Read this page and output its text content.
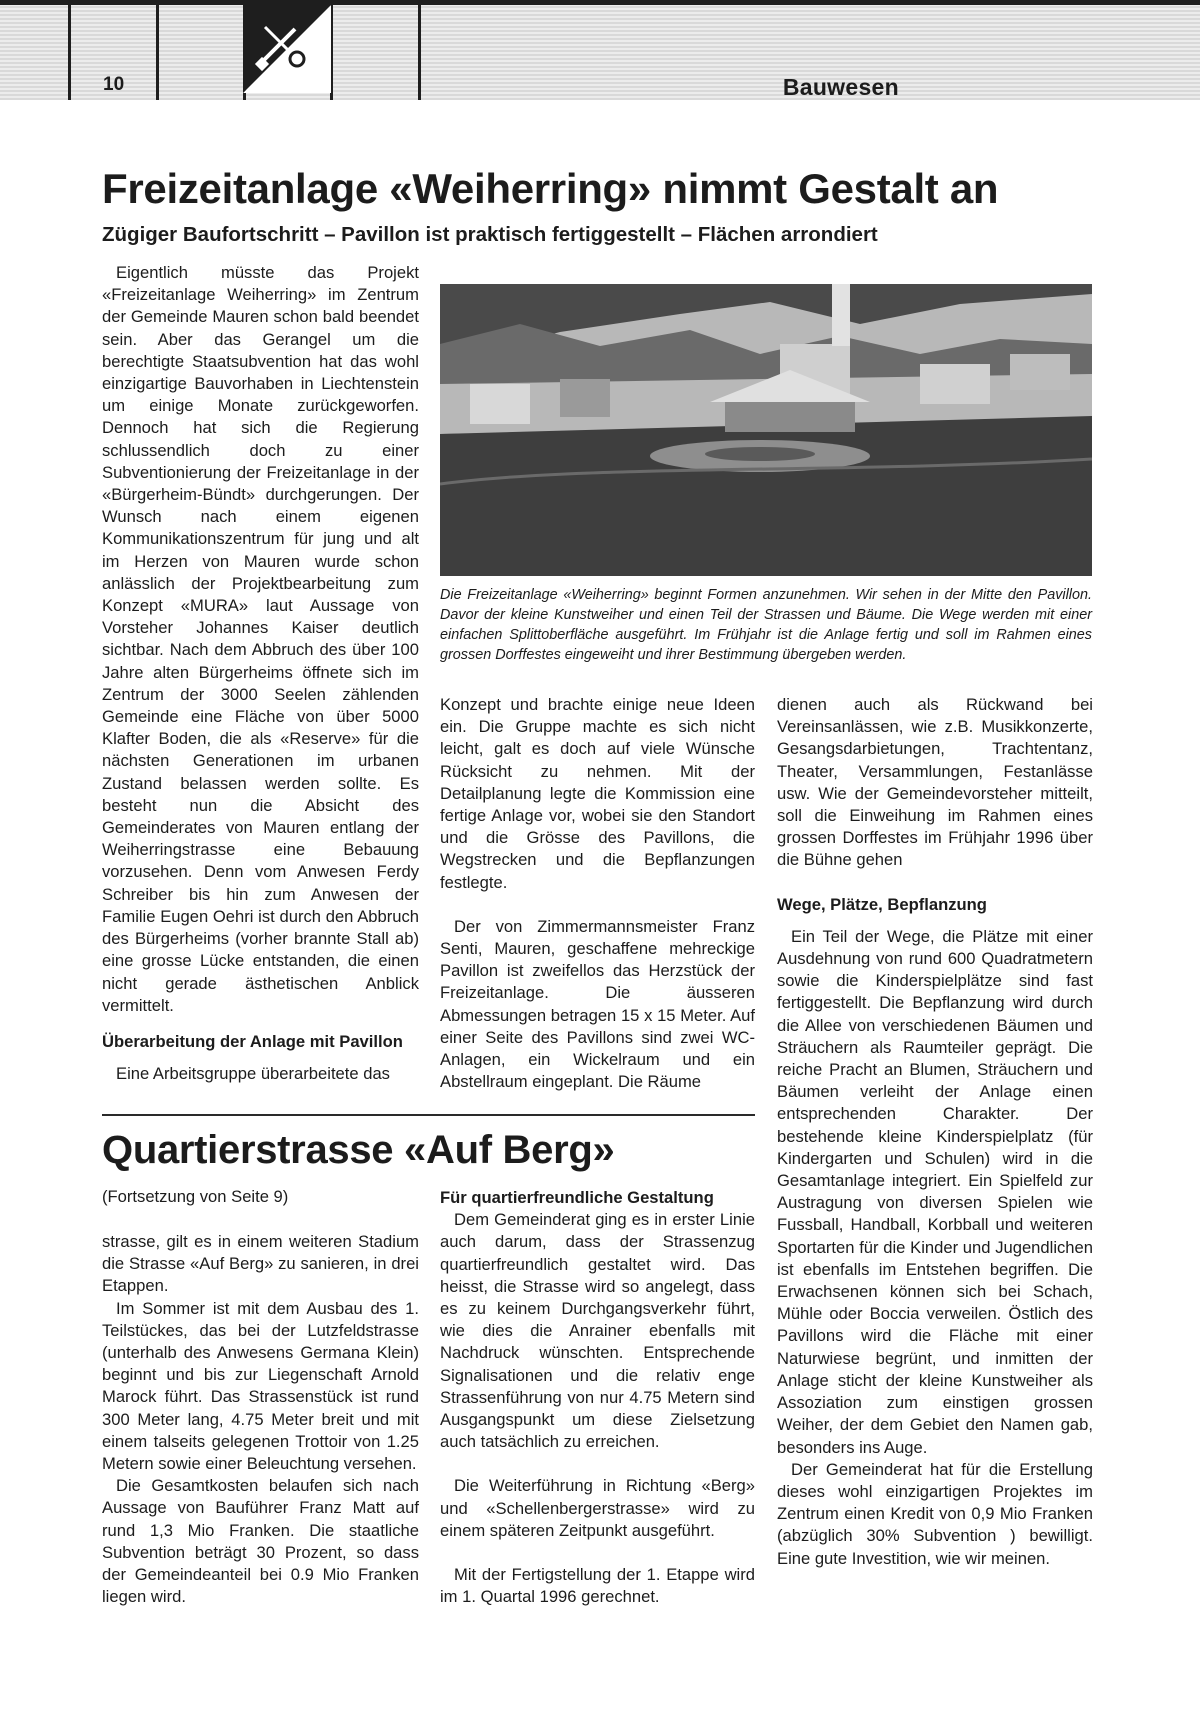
10	Bauwesen
Freizeitanlage «Weiherring» nimmt Gestalt an
Zügiger Baufortschritt – Pavillon ist praktisch fertiggestellt – Flächen arrondiert

Eigentlich müsste das Projekt «Freizeitanlage Weiherring» im Zentrum der Gemeinde Mauren schon bald beendet sein. Aber das Gerangel um die berechtigte Staatsubvention hat das wohl einzigartige Bauvorhaben in Liechtenstein um einige Monate zurückgeworfen. Dennoch hat sich die Regierung schlussendlich doch zu einer Subventionierung der Freizeitanlage in der «Bürgerheim-Bündt» durchgerungen. Der Wunsch nach einem eigenen Kommunikationszentrum für jung und alt im Herzen von Mauren wurde schon anlässlich der Projektbearbeitung zum Konzept «MURA» laut Aussage von Vorsteher Johannes Kaiser deutlich sichtbar. Nach dem Abbruch des über 100 Jahre alten Bürgerheims öffnete sich im Zentrum der 3000 Seelen zählenden Gemeinde eine Fläche von über 5000 Klafter Boden, die als «Reserve» für die nächsten Generationen im urbanen Zustand belassen werden sollte. Es besteht nun die Absicht des Gemeinderates von Mauren entlang der Weiherringstrasse eine Bebauung vorzusehen. Denn vom Anwesen Ferdy Schreiber bis hin zum Anwesen der Familie Eugen Oehri ist durch den Abbruch des Bürgerheims (vorher brannte Stall ab) eine grosse Lücke entstanden, die einen nicht gerade ästhetischen Anblick vermittelt.

Überarbeitung der Anlage mit Pavillon

Eine Arbeitsgruppe überarbeitete das

Die Freizeitanlage «Weiherring» beginnt Formen anzunehmen. Wir sehen in der Mitte den Pavillon. Davor der kleine Kunstweiher und einen Teil der Strassen und Bäume. Die Wege werden mit einer einfachen Splittoberfläche ausgeführt. Im Frühjahr ist die Anlage fertig und soll im Rahmen eines grossen Dorffestes eingeweiht und ihrer Bestimmung übergeben werden.

Konzept und brachte einige neue Ideen ein. Die Gruppe machte es sich nicht leicht, galt es doch auf viele Wünsche Rücksicht zu nehmen. Mit der Detailplanung legte die Kommission eine fertige Anlage vor, wobei sie den Standort und die Grösse des Pavillons, die Wegstrecken und die Bepflanzungen festlegte.

Der von Zimmermannsmeister Franz Senti, Mauren, geschaffene mehreckige Pavillon ist zweifellos das Herzstück der Freizeitanlage. Die äusseren Abmessungen betragen 15 x 15 Meter. Auf einer Seite des Pavillons sind zwei WC-Anlagen, ein Wickelraum und ein Abstellraum eingeplant. Die Räume

dienen auch als Rückwand bei Vereinsanlässen, wie z.B. Musikkonzerte, Gesangsdarbietungen, Trachtentanz, Theater, Versammlungen, Festanlässe usw. Wie der Gemeindevorsteher mitteilt, soll die Einweihung im Rahmen eines grossen Dorffestes im Frühjahr 1996 über die Bühne gehen

Wege, Plätze, Bepflanzung

Ein Teil der Wege, die Plätze mit einer Ausdehnung von rund 600 Quadratmetern sowie die Kinderspielplätze sind fast fertiggestellt. Die Bepflanzung wird durch die Allee von verschiedenen Bäumen und Sträuchern als Raumteiler geprägt. Die reiche Pracht an Blumen, Sträuchern und Bäumen verleiht der Anlage einen entsprechenden Charakter. Der bestehende kleine Kinderspielplatz (für Kindergarten und Schulen) wird in die Gesamtanlage integriert. Ein Spielfeld zur Austragung von diversen Spielen wie Fussball, Handball, Korbball und weiteren Sportarten für die Kinder und Jugendlichen ist ebenfalls im Entstehen begriffen. Die Erwachsenen können sich bei Schach, Mühle oder Boccia verweilen. Östlich des Pavillons wird die Fläche mit einer Naturwiese begrünt, und inmitten der Anlage sticht der kleine Kunstweiher als Assoziation zum einstigen grossen Weiher, der dem Gebiet den Namen gab, besonders ins Auge.

Der Gemeinderat hat für die Erstellung dieses wohl einzigartigen Projektes im Zentrum einen Kredit von 0,9 Mio Franken (abzüglich 30% Subvention ) bewilligt. Eine gute Investition, wie wir meinen.

Quartierstrasse «Auf Berg»
(Fortsetzung von Seite 9)

strasse, gilt es in einem weiteren Stadium die Strasse «Auf Berg» zu sanieren, in drei Etappen.

Im Sommer ist mit dem Ausbau des 1. Teilstückes, das bei der Lutzfeldstrasse (unterhalb des Anwesens Germana Klein) beginnt und bis zur Liegenschaft Arnold Marock führt. Das Strassenstück ist rund 300 Meter lang, 4.75 Meter breit und mit einem talseits gelegenen Trottoir von 1.25 Metern sowie einer Beleuchtung versehen.

Die Gesamtkosten belaufen sich nach Aussage von Bauführer Franz Matt auf rund 1,3 Mio Franken. Die staatliche Subvention beträgt 30 Prozent, so dass der Gemeindeanteil bei 0.9 Mio Franken liegen wird.

Für quartierfreundliche Gestaltung

Dem Gemeinderat ging es in erster Linie auch darum, dass der Strassenzug quartierfreundlich gestaltet wird. Das heisst, die Strasse wird so angelegt, dass es zu keinem Durchgangsverkehr führt, wie dies die Anrainer ebenfalls mit Nachdruck wünschten. Entsprechende Signalisationen und die relativ enge Strassenführung von nur 4.75 Metern sind Ausgangspunkt um diese Zielsetzung auch tatsächlich zu erreichen.

Die Weiterführung in Richtung «Berg» und «Schellenbergerstrasse» wird zu einem späteren Zeitpunkt ausgeführt.

Mit der Fertigstellung der 1. Etappe wird im 1. Quartal 1996 gerechnet.
